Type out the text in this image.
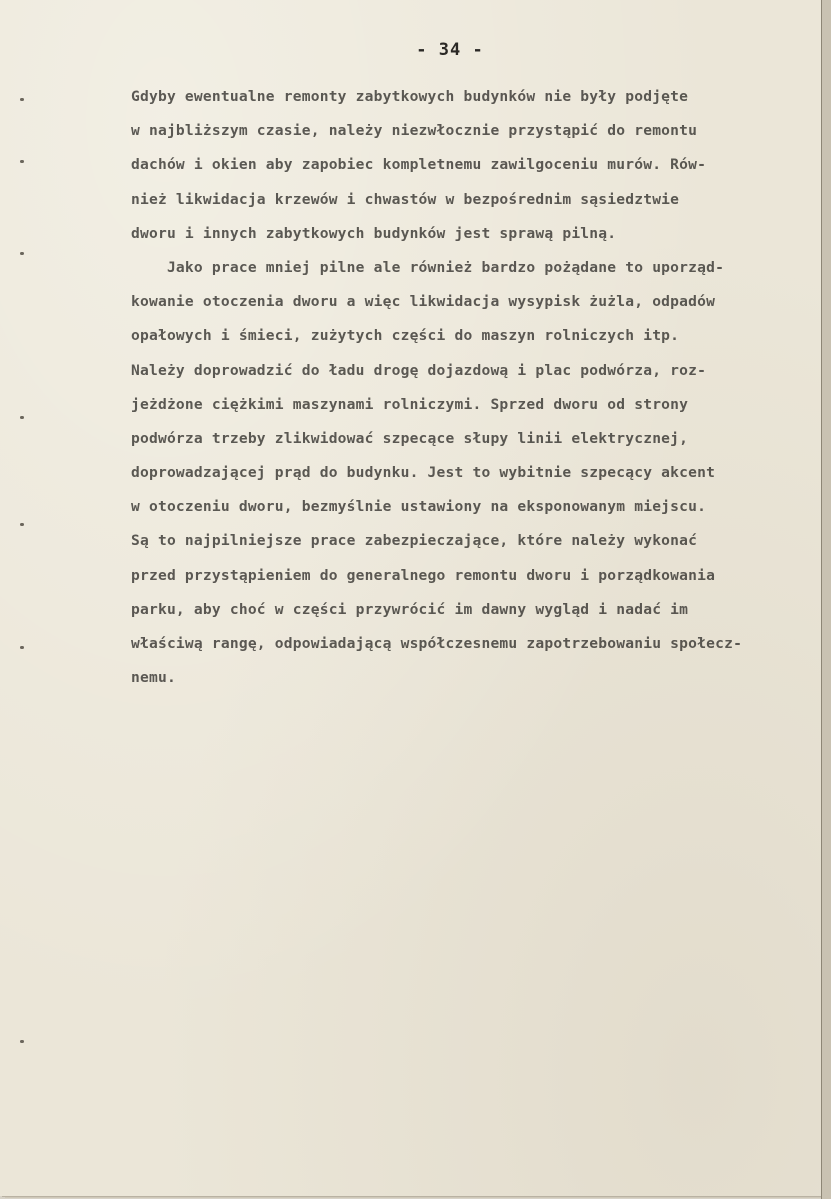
- 34 -
Gdyby ewentualne remonty zabytkowych budynków nie były podjęte
w najbliższym czasie, należy niezwłocznie przystąpić do remontu
dachów i okien aby zapobiec kompletnemu zawilgoceniu murów. Rów-
nież likwidacja krzewów i chwastów w bezpośrednim sąsiedztwie
dworu i innych zabytkowych budynków jest sprawą pilną.
Jako prace mniej pilne ale również bardzo pożądane to uporząd-
kowanie otoczenia dworu a więc likwidacja wysypisk żużla, odpadów
opałowych i śmieci, zużytych części do maszyn rolniczych itp.
Należy doprowadzić do ładu drogę dojazdową i plac podwórza, roz-
jeżdżone ciężkimi maszynami rolniczymi. Sprzed dworu od strony
podwórza trzeby zlikwidować szpecące słupy linii elektrycznej,
doprowadzającej prąd do budynku. Jest to wybitnie szpecący akcent
w otoczeniu dworu, bezmyślnie ustawiony na eksponowanym miejscu.
Są to najpilniejsze prace zabezpieczające, które należy wykonać
przed przystąpieniem do generalnego remontu dworu i porządkowania
parku, aby choć w części przywrócić im dawny wygląd i nadać im
właściwą rangę, odpowiadającą współczesnemu zapotrzebowaniu społecz-
nemu.
